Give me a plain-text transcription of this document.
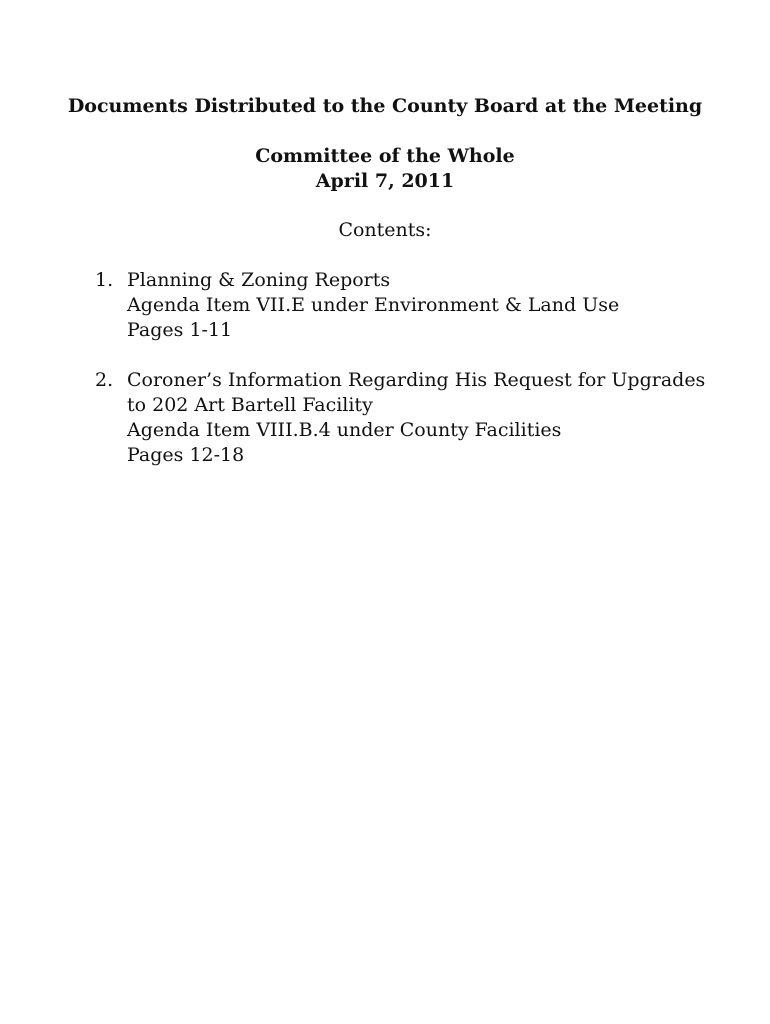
Documents Distributed to the County Board at the Meeting
Committee of the Whole
April 7, 2011
Contents:
1. Planning & Zoning Reports
Agenda Item VII.E under Environment & Land Use
Pages 1-11
2. Coroner’s Information Regarding His Request for Upgrades
to 202 Art Bartell Facility
Agenda Item VIII.B.4 under County Facilities
Pages 12-18
